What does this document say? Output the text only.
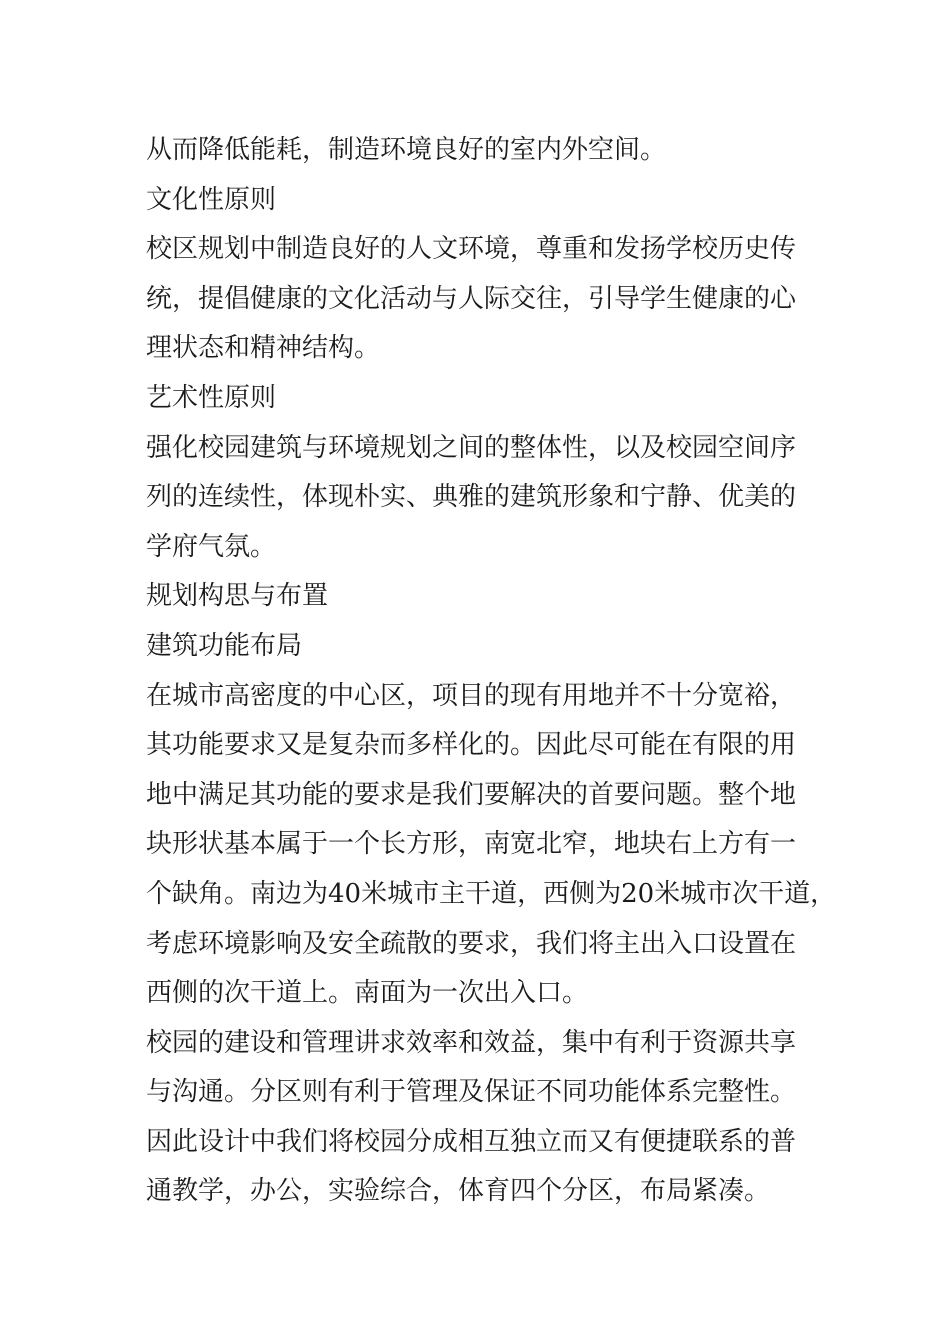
从而降低能耗，制造环境良好的室内外空间。
文化性原则
校区规划中制造良好的人文环境，尊重和发扬学校历史传
统，提倡健康的文化活动与人际交往，引导学生健康的心
理状态和精神结构。
艺术性原则
强化校园建筑与环境规划之间的整体性，以及校园空间序
列的连续性，体现朴实、典雅的建筑形象和宁静、优美的
学府气氛。
规划构思与布置
建筑功能布局
在城市高密度的中心区，项目的现有用地并不十分宽裕，
其功能要求又是复杂而多样化的。因此尽可能在有限的用
地中满足其功能的要求是我们要解决的首要问题。整个地
块形状基本属于一个长方形，南宽北窄，地块右上方有一
个缺角。南边为40米城市主干道，西侧为20米城市次干道，
考虑环境影响及安全疏散的要求，我们将主出入口设置在
西侧的次干道上。南面为一次出入口。
校园的建设和管理讲求效率和效益，集中有利于资源共享
与沟通。分区则有利于管理及保证不同功能体系完整性。
因此设计中我们将校园分成相互独立而又有便捷联系的普
通教学，办公，实验综合，体育四个分区，布局紧凑。
